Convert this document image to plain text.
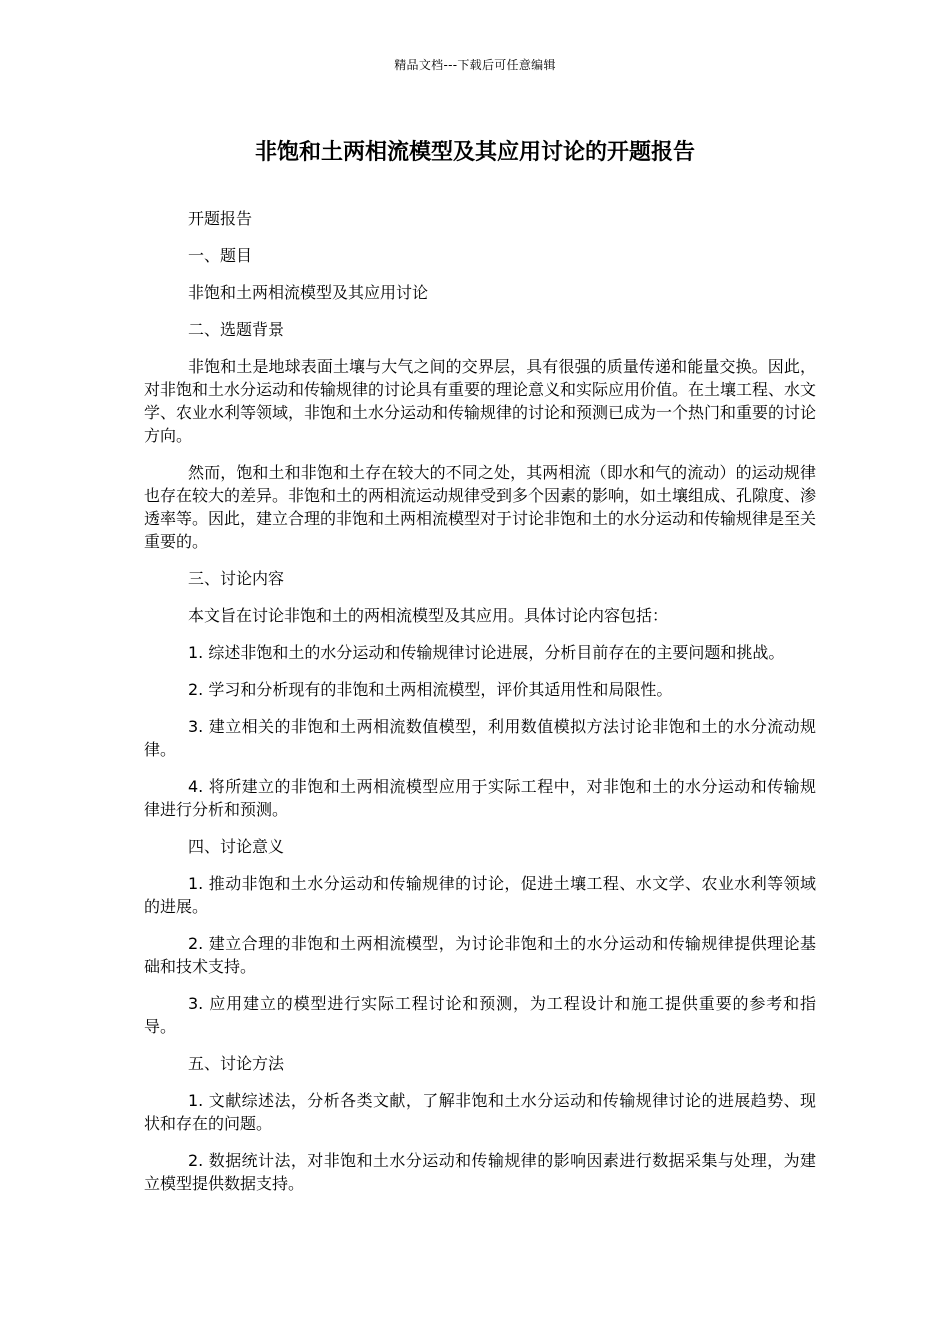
精品文档---下载后可任意编辑
非饱和土两相流模型及其应用讨论的开题报告

开题报告

一、题目

非饱和土两相流模型及其应用讨论

二、选题背景

非饱和土是地球表面土壤与大气之间的交界层，具有很强的质量传递和能量交换。因此，对非饱和土水分运动和传输规律的讨论具有重要的理论意义和实际应用价值。在土壤工程、水文学、农业水利等领域，非饱和土水分运动和传输规律的讨论和预测已成为一个热门和重要的讨论方向。

然而，饱和土和非饱和土存在较大的不同之处，其两相流（即水和气的流动）的运动规律也存在较大的差异。非饱和土的两相流运动规律受到多个因素的影响，如土壤组成、孔隙度、渗透率等。因此，建立合理的非饱和土两相流模型对于讨论非饱和土的水分运动和传输规律是至关重要的。

三、讨论内容

本文旨在讨论非饱和土的两相流模型及其应用。具体讨论内容包括：

1. 综述非饱和土的水分运动和传输规律讨论进展，分析目前存在的主要问题和挑战。

2. 学习和分析现有的非饱和土两相流模型，评价其适用性和局限性。

3. 建立相关的非饱和土两相流数值模型，利用数值模拟方法讨论非饱和土的水分流动规律。

4. 将所建立的非饱和土两相流模型应用于实际工程中，对非饱和土的水分运动和传输规律进行分析和预测。

四、讨论意义

1. 推动非饱和土水分运动和传输规律的讨论，促进土壤工程、水文学、农业水利等领域的进展。

2. 建立合理的非饱和土两相流模型，为讨论非饱和土的水分运动和传输规律提供理论基础和技术支持。

3. 应用建立的模型进行实际工程讨论和预测，为工程设计和施工提供重要的参考和指导。

五、讨论方法

1. 文献综述法，分析各类文献，了解非饱和土水分运动和传输规律讨论的进展趋势、现状和存在的问题。

2. 数据统计法，对非饱和土水分运动和传输规律的影响因素进行数据采集与处理，为建立模型提供数据支持。
